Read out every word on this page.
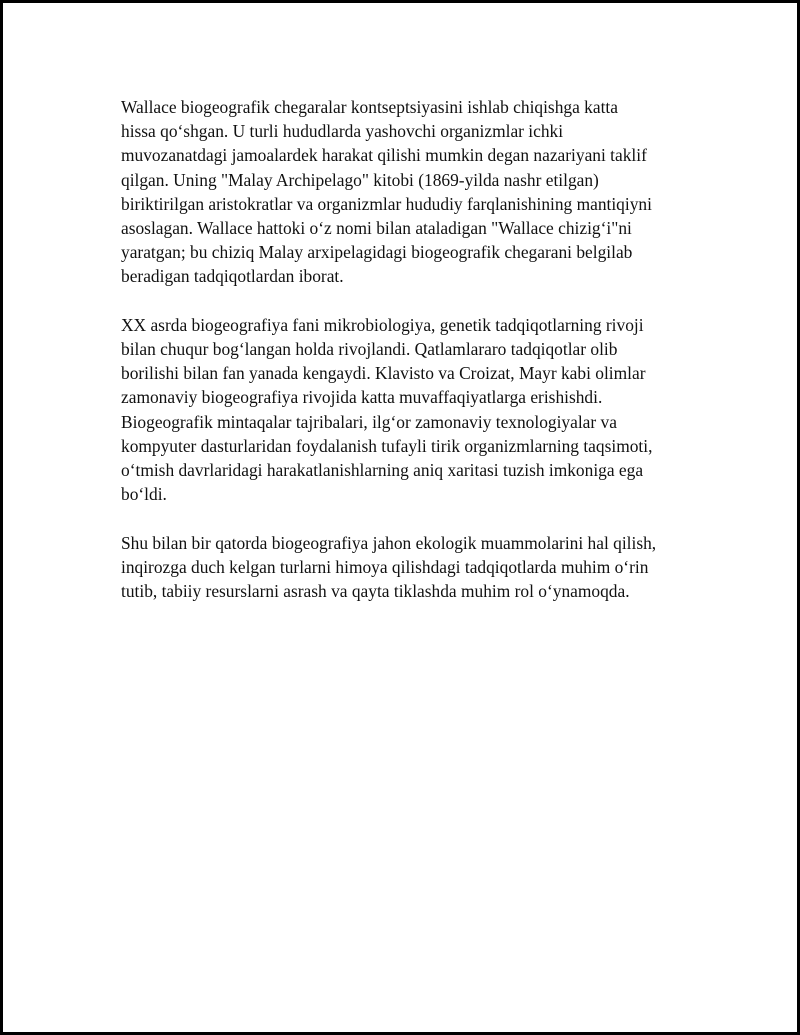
Wallace biogeografik chegaralar kontseptsiyasini ishlab chiqishga katta
hissa qo‘shgan. U turli hududlarda yashovchi organizmlar ichki
muvozanatdagi jamoalardek harakat qilishi mumkin degan nazariyani taklif
qilgan. Uning "Malay Archipelago" kitobi (1869-yilda nashr etilgan)
biriktirilgan aristokratlar va organizmlar hududiy farqlanishining mantiqiyni
asoslagan. Wallace hattoki o‘z nomi bilan ataladigan "Wallace chizig‘i"ni
yaratgan; bu chiziq Malay arxipelagidagi biogeografik chegarani belgilab
beradigan tadqiqotlardan iborat.

XX asrda biogeografiya fani mikrobiologiya, genetik tadqiqotlarning rivoji
bilan chuqur bog‘langan holda rivojlandi. Qatlamlararo tadqiqotlar olib
borilishi bilan fan yanada kengaydi. Klavisto va Croizat, Mayr kabi olimlar
zamonaviy biogeografiya rivojida katta muvaffaqiyatlarga erishishdi.
Biogeografik mintaqalar tajribalari, ilg‘or zamonaviy texnologiyalar va
kompyuter dasturlaridan foydalanish tufayli tirik organizmlarning taqsimoti,
o‘tmish davrlaridagi harakatlanishlarning aniq xaritasi tuzish imkoniga ega
bo‘ldi.

Shu bilan bir qatorda biogeografiya jahon ekologik muammolarini hal qilish,
inqirozga duch kelgan turlarni himoya qilishdagi tadqiqotlarda muhim o‘rin
tutib, tabiiy resurslarni asrash va qayta tiklashda muhim rol o‘ynamoqda.
